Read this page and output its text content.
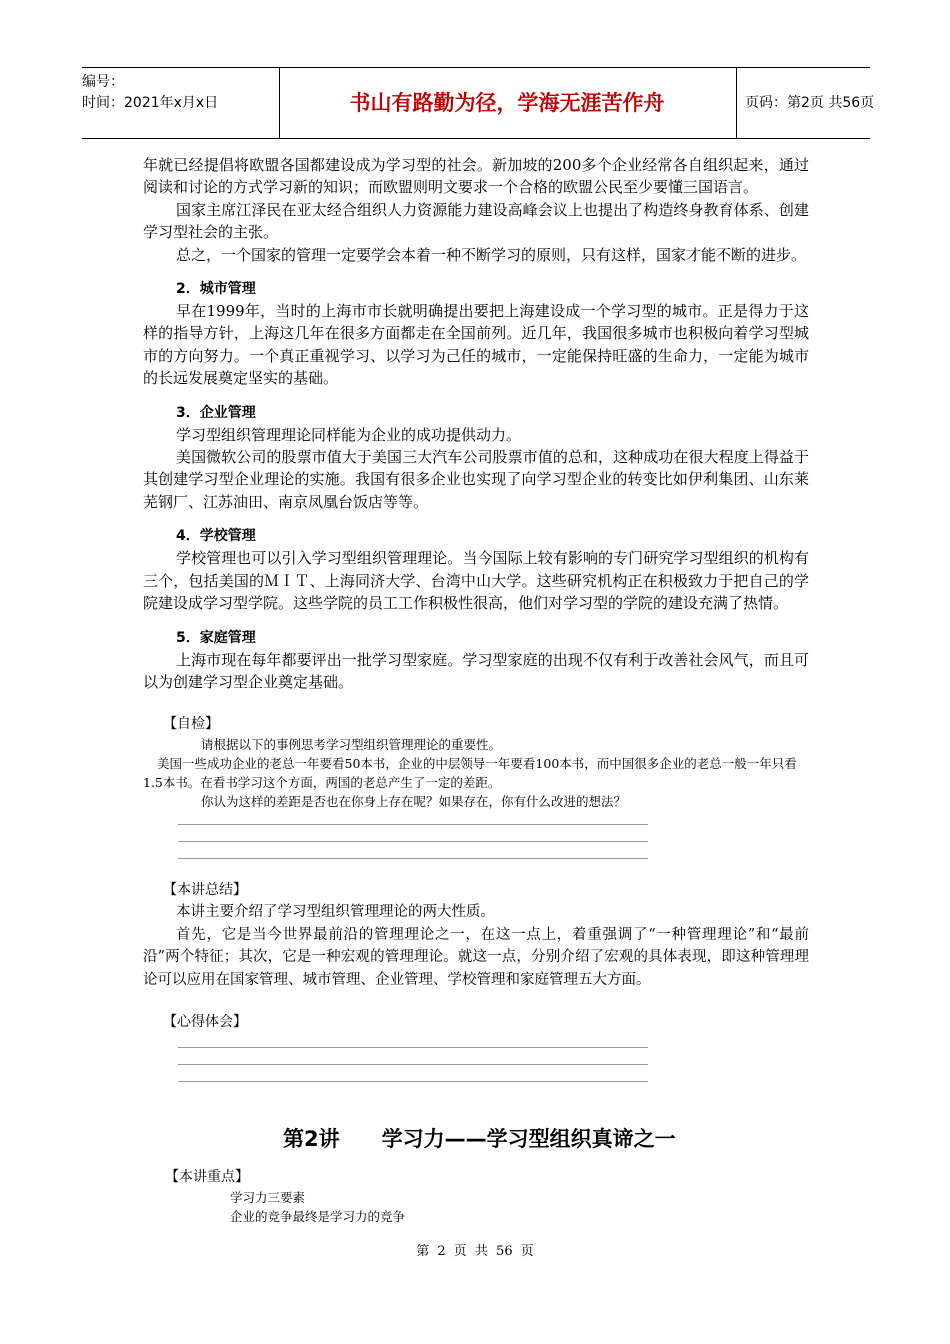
编号：
时间：2021年x月x日	书山有路勤为径，学海无涯苦作舟	页码：第2页 共56页

年就已经提倡将欧盟各国都建设成为学习型的社会。新加坡的200多个企业经常各自组织起来，通过阅读和讨论的方式学习新的知识；而欧盟则明文要求一个合格的欧盟公民至少要懂三国语言。

国家主席江泽民在亚太经合组织人力资源能力建设高峰会议上也提出了构造终身教育体系、创建学习型社会的主张。

总之，一个国家的管理一定要学会本着一种不断学习的原则，只有这样，国家才能不断的进步。

2．城市管理

早在1999年，当时的上海市市长就明确提出要把上海建设成一个学习型的城市。正是得力于这样的指导方针，上海这几年在很多方面都走在全国前列。近几年，我国很多城市也积极向着学习型城市的方向努力。一个真正重视学习、以学习为己任的城市，一定能保持旺盛的生命力，一定能为城市的长远发展奠定坚实的基础。

3．企业管理

学习型组织管理理论同样能为企业的成功提供动力。

美国微软公司的股票市值大于美国三大汽车公司股票市值的总和，这种成功在很大程度上得益于其创建学习型企业理论的实施。我国有很多企业也实现了向学习型企业的转变比如伊利集团、山东莱芜钢厂、江苏油田、南京凤凰台饭店等等。

4．学校管理

学校管理也可以引入学习型组织管理理论。当今国际上较有影响的专门研究学习型组织的机构有三个，包括美国的ＭＩＴ、上海同济大学、台湾中山大学。这些研究机构正在积极致力于把自己的学院建设成学习型学院。这些学院的员工工作积极性很高，他们对学习型的学院的建设充满了热情。

5．家庭管理

上海市现在每年都要评出一批学习型家庭。学习型家庭的出现不仅有利于改善社会风气，而且可以为创建学习型企业奠定基础。

【自检】

请根据以下的事例思考学习型组织管理理论的重要性。

美国一些成功企业的老总一年要看50本书，企业的中层领导一年要看100本书，而中国很多企业的老总一般一年只看1.5本书。在看书学习这个方面，两国的老总产生了一定的差距。

你认为这样的差距是否也在你身上存在呢？如果存在，你有什么改进的想法？

【本讲总结】

本讲主要介绍了学习型组织管理理论的两大性质。

首先，它是当今世界最前沿的管理理论之一，在这一点上，着重强调了“一种管理理论”和“最前沿”两个特征；其次，它是一种宏观的管理理论。就这一点，分别介绍了宏观的具体表现，即这种管理理论可以应用在国家管理、城市管理、企业管理、学校管理和家庭管理五大方面。

【心得体会】

第2讲　　学习力——学习型组织真谛之一

【本讲重点】

学习力三要素

企业的竞争最终是学习力的竞争

第 2 页 共 56 页
